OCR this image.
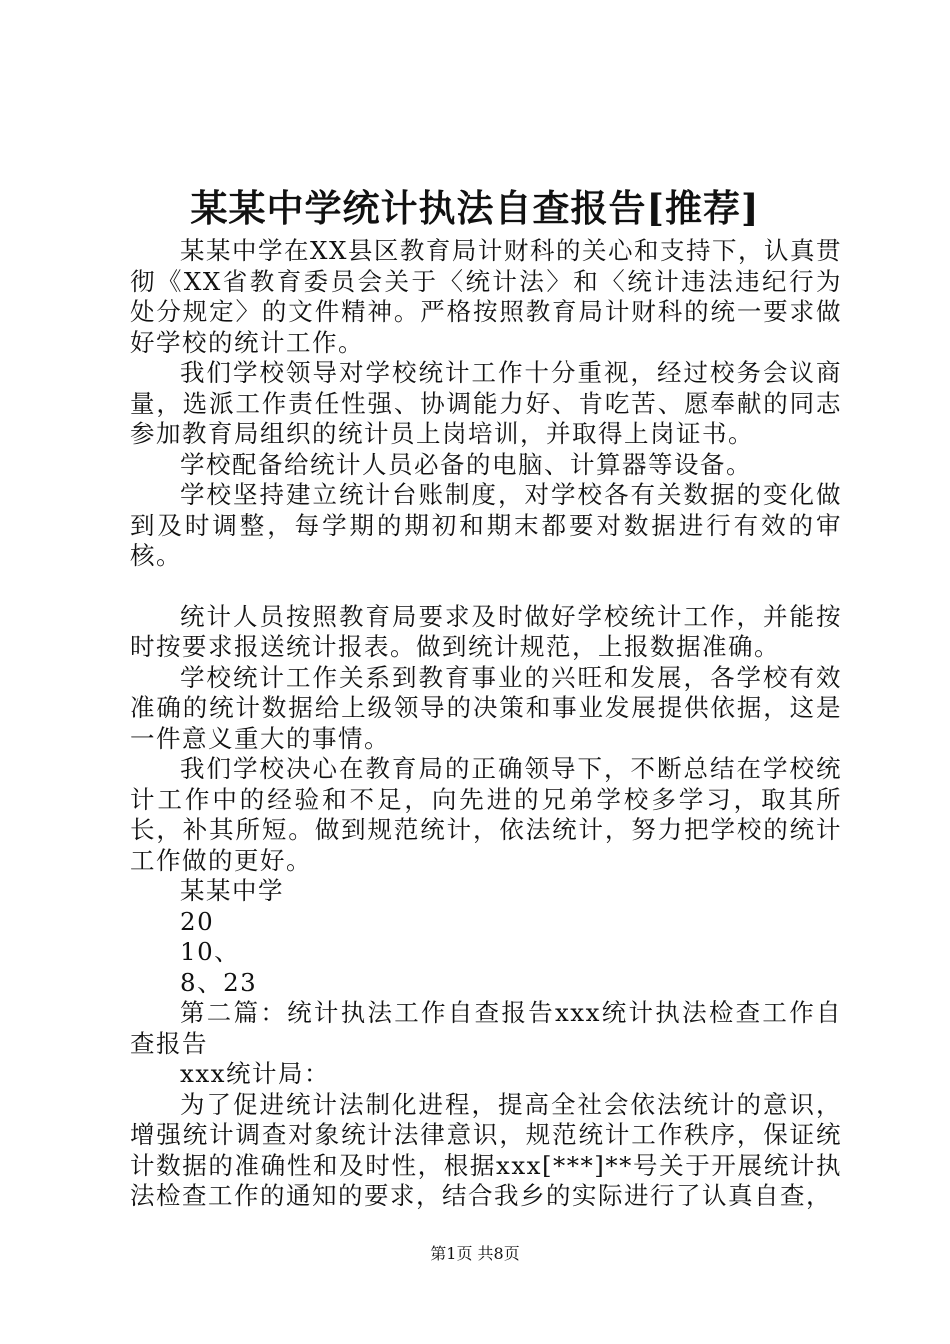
某某中学统计执法自查报告[推荐]

某某中学在XX县区教育局计财科的关心和支持下，认真贯彻《XX省教育委员会关于〈统计法〉和〈统计违法违纪行为处分规定〉的文件精神。严格按照教育局计财科的统一要求做好学校的统计工作。

我们学校领导对学校统计工作十分重视，经过校务会议商量，选派工作责任性强、协调能力好、肯吃苦、愿奉献的同志参加教育局组织的统计员上岗培训，并取得上岗证书。

学校配备给统计人员必备的电脑、计算器等设备。

学校坚持建立统计台账制度，对学校各有关数据的变化做到及时调整，每学期的期初和期末都要对数据进行有效的审核。

统计人员按照教育局要求及时做好学校统计工作，并能按时按要求报送统计报表。做到统计规范，上报数据准确。

学校统计工作关系到教育事业的兴旺和发展，各学校有效准确的统计数据给上级领导的决策和事业发展提供依据，这是一件意义重大的事情。

我们学校决心在教育局的正确领导下，不断总结在学校统计工作中的经验和不足，向先进的兄弟学校多学习，取其所长，补其所短。做到规范统计，依法统计，努力把学校的统计工作做的更好。

某某中学

20

10、

8、23

第二篇：统计执法工作自查报告xxx统计执法检查工作自查报告

xxx统计局：

为了促进统计法制化进程，提高全社会依法统计的意识，增强统计调查对象统计法律意识，规范统计工作秩序，保证统计数据的准确性和及时性，根据xxx[***]**号关于开展统计执法检查工作的通知的要求，结合我乡的实际进行了认真自查，

第1页 共8页
